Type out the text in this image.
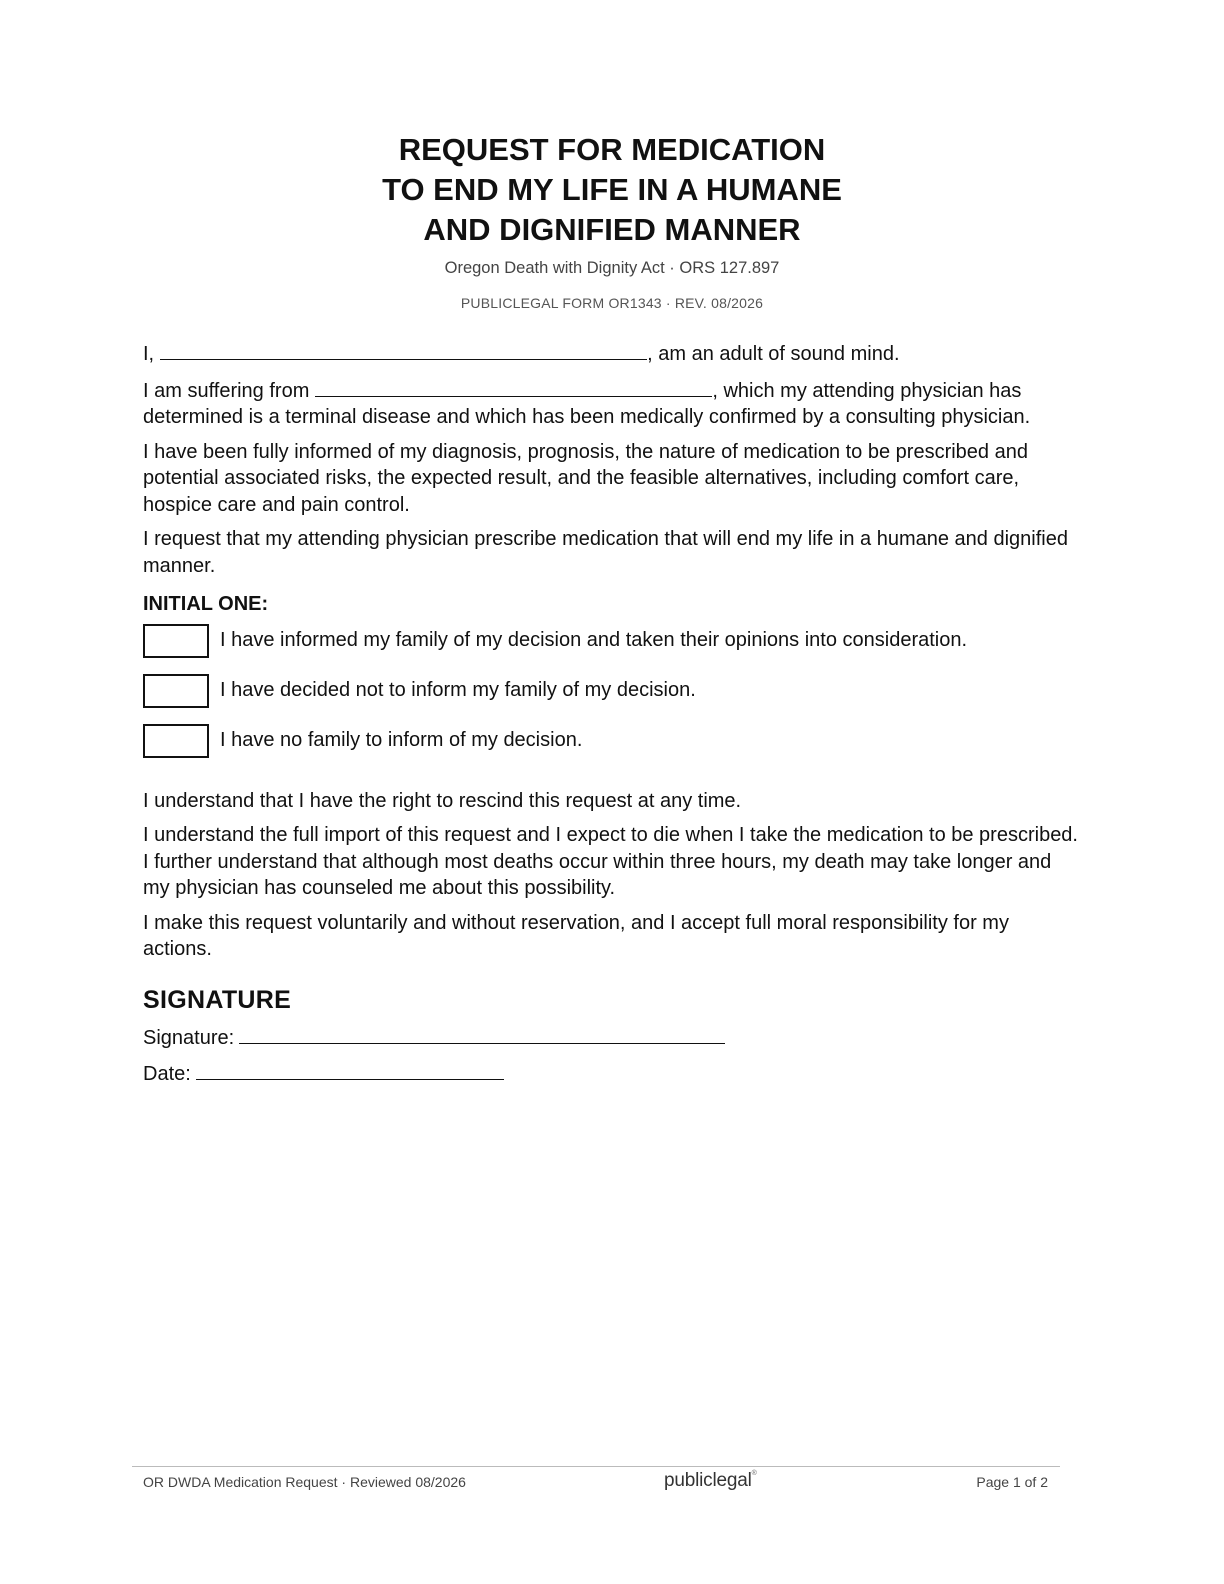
REQUEST FOR MEDICATION
TO END MY LIFE IN A HUMANE
AND DIGNIFIED MANNER
Oregon Death with Dignity Act · ORS 127.897
PUBLICLEGAL FORM OR1343 · REV. 08/2026

I,	, am an adult of sound mind.

I am suffering from	, which my attending physician has determined is a terminal disease and which has been medically confirmed by a consulting physician.

I have been fully informed of my diagnosis, prognosis, the nature of medication to be prescribed and potential associated risks, the expected result, and the feasible alternatives, including comfort care, hospice care and pain control.

I request that my attending physician prescribe medication that will end my life in a humane and dignified manner.

INITIAL ONE:
I have informed my family of my decision and taken their opinions into consideration.
I have decided not to inform my family of my decision.
I have no family to inform of my decision.

I understand that I have the right to rescind this request at any time.

I understand the full import of this request and I expect to die when I take the medication to be prescribed. I further understand that although most deaths occur within three hours, my death may take longer and my physician has counseled me about this possibility.

I make this request voluntarily and without reservation, and I accept full moral responsibility for my actions.

SIGNATURE
Signature:
Date:
OR DWDA Medication Request · Reviewed 08/2026	publiclegal®
Page 1 of 2
